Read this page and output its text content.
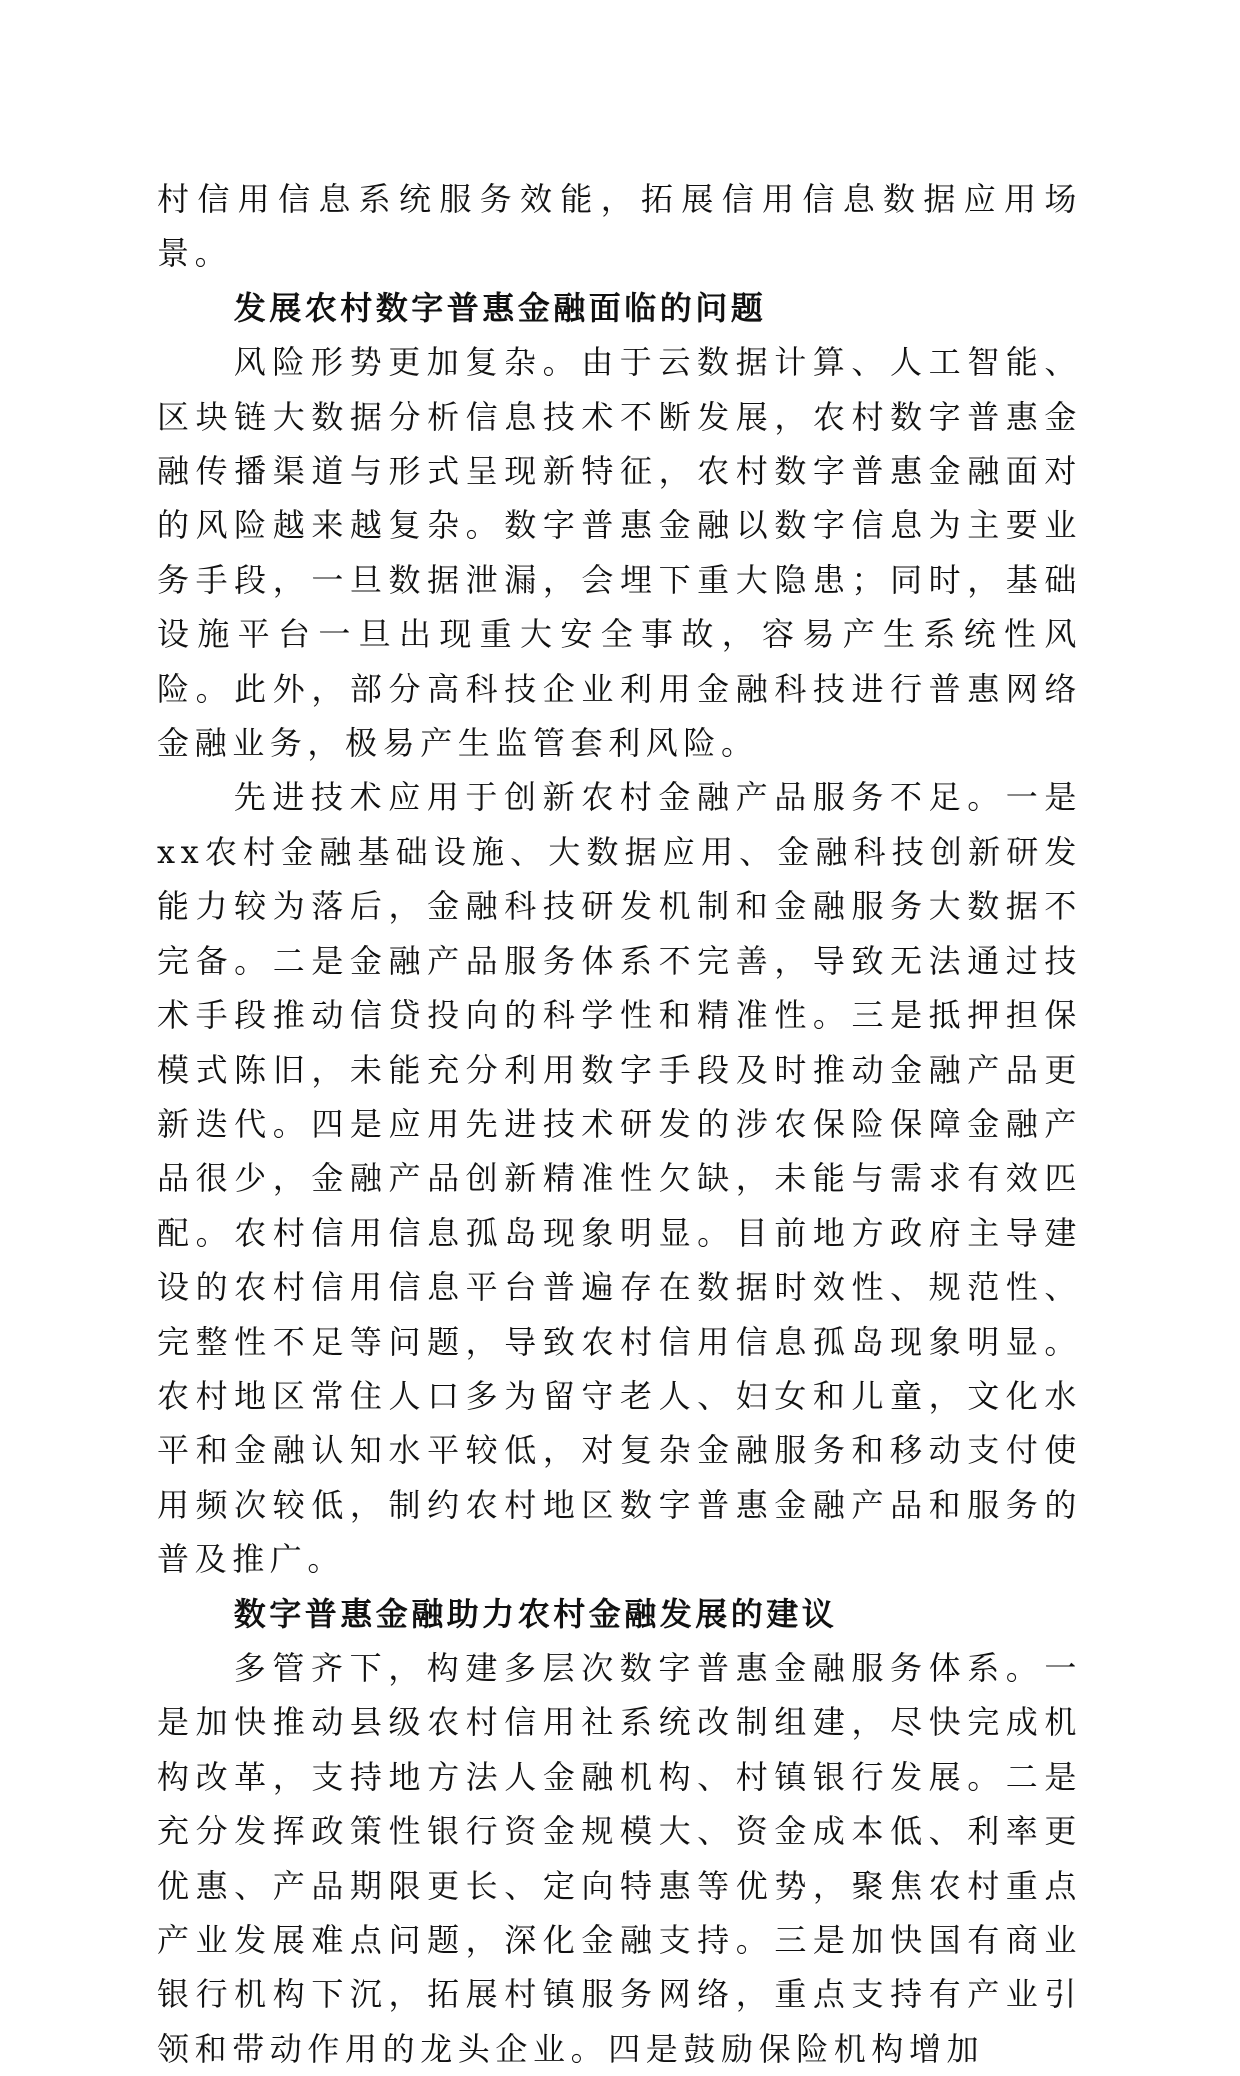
村信用信息系统服务效能，拓展信用信息数据应用场景。

发展农村数字普惠金融面临的问题

风险形势更加复杂。由于云数据计算、人工智能、区块链大数据分析信息技术不断发展，农村数字普惠金融传播渠道与形式呈现新特征，农村数字普惠金融面对的风险越来越复杂。数字普惠金融以数字信息为主要业务手段，一旦数据泄漏，会埋下重大隐患；同时，基础设施平台一旦出现重大安全事故，容易产生系统性风险。此外，部分高科技企业利用金融科技进行普惠网络金融业务，极易产生监管套利风险。

先进技术应用于创新农村金融产品服务不足。一是xx农村金融基础设施、大数据应用、金融科技创新研发能力较为落后，金融科技研发机制和金融服务大数据不完备。二是金融产品服务体系不完善，导致无法通过技术手段推动信贷投向的科学性和精准性。三是抵押担保模式陈旧，未能充分利用数字手段及时推动金融产品更新迭代。四是应用先进技术研发的涉农保险保障金融产品很少，金融产品创新精准性欠缺，未能与需求有效匹配。农村信用信息孤岛现象明显。目前地方政府主导建设的农村信用信息平台普遍存在数据时效性、规范性、完整性不足等问题，导致农村信用信息孤岛现象明显。农村地区常住人口多为留守老人、妇女和儿童，文化水平和金融认知水平较低，对复杂金融服务和移动支付使用频次较低，制约农村地区数字普惠金融产品和服务的普及推广。

数字普惠金融助力农村金融发展的建议

多管齐下，构建多层次数字普惠金融服务体系。一是加快推动县级农村信用社系统改制组建，尽快完成机构改革，支持地方法人金融机构、村镇银行发展。二是充分发挥政策性银行资金规模大、资金成本低、利率更优惠、产品期限更长、定向特惠等优势，聚焦农村重点产业发展难点问题，深化金融支持。三是加快国有商业银行机构下沉，拓展村镇服务网络，重点支持有产业引领和带动作用的龙头企业。四是鼓励保险机构增加
